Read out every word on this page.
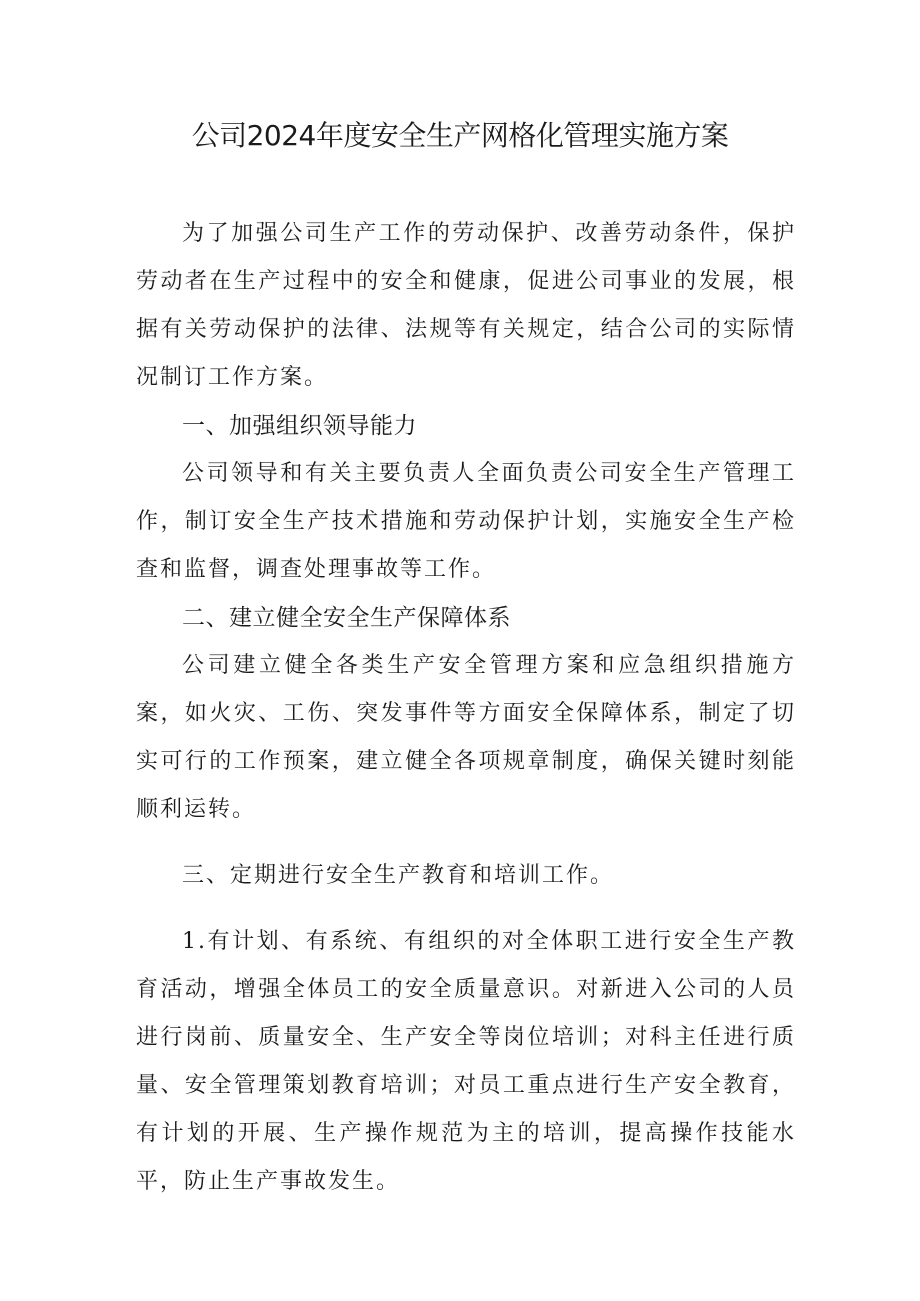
公司2024年度安全生产网格化管理实施方案

为了加强公司生产工作的劳动保护、改善劳动条件，保护劳动者在生产过程中的安全和健康，促进公司事业的发展，根据有关劳动保护的法律、法规等有关规定，结合公司的实际情况制订工作方案。

一、加强组织领导能力

公司领导和有关主要负责人全面负责公司安全生产管理工作，制订安全生产技术措施和劳动保护计划，实施安全生产检查和监督，调查处理事故等工作。

二、建立健全安全生产保障体系

公司建立健全各类生产安全管理方案和应急组织措施方案，如火灾、工伤、突发事件等方面安全保障体系，制定了切实可行的工作预案，建立健全各项规章制度，确保关键时刻能顺利运转。

三、定期进行安全生产教育和培训工作。

1.有计划、有系统、有组织的对全体职工进行安全生产教育活动，增强全体员工的安全质量意识。对新进入公司的人员进行岗前、质量安全、生产安全等岗位培训；对科主任进行质量、安全管理策划教育培训；对员工重点进行生产安全教育，有计划的开展、生产操作规范为主的培训，提高操作技能水平，防止生产事故发生。
